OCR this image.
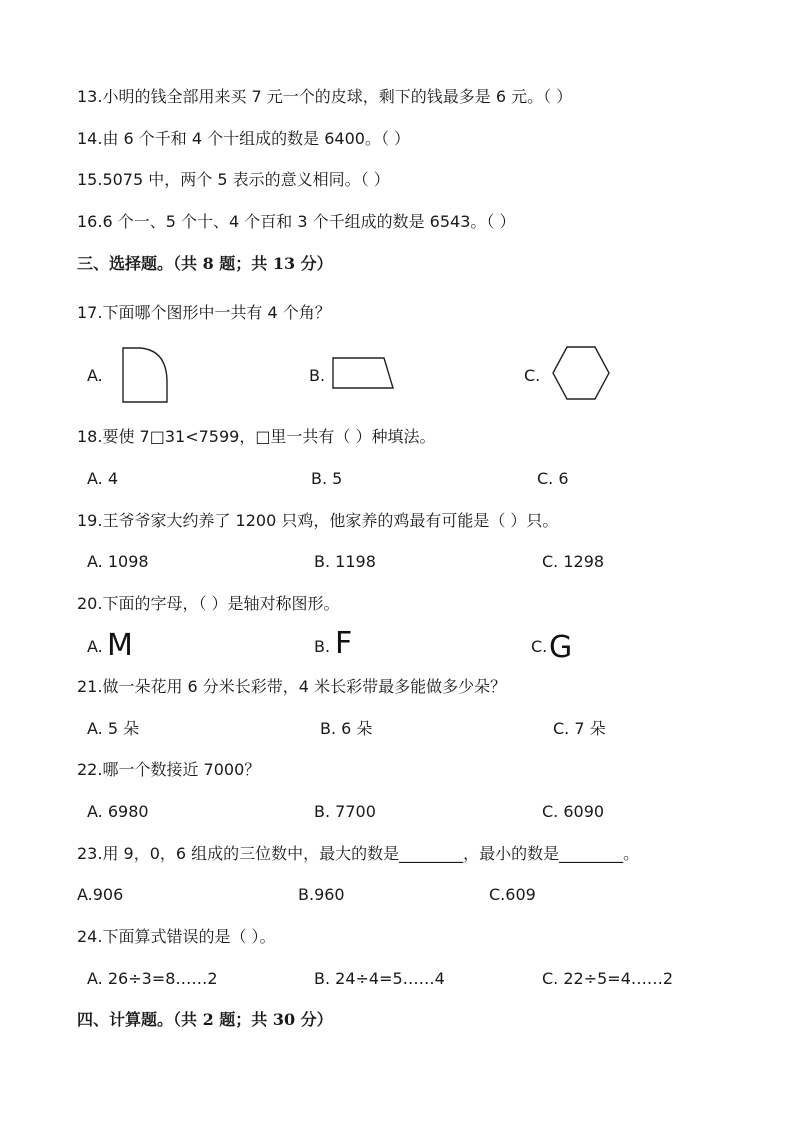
13.小明的钱全部用来买 7 元一个的皮球，剩下的钱最多是 6 元。（ ）
14.由 6 个千和 4 个十组成的数是 6400。（ ）
15.5075 中，两个 5 表示的意义相同。（ ）
16.6 个一、5 个十、4 个百和 3 个千组成的数是 6543。（ ）
三、选择题。（共 8 题；共 13 分）
17.下面哪个图形中一共有 4 个角？
A.	B.	C.
18.要使 7□31<7599，□里一共有（ ）种填法。
A. 4	B. 5	C. 6
19.王爷爷家大约养了 1200 只鸡，他家养的鸡最有可能是（ ）只。
A. 1098	B. 1198	C. 1298
20.下面的字母，（ ）是轴对称图形。
A. M	B. F	C. G
21.做一朵花用 6 分米长彩带，4 米长彩带最多能做多少朵？
A. 5 朵	B. 6 朵	C. 7 朵
22.哪一个数接近 7000？
A. 6980	B. 7700	C. 6090
23.用 9，0，6 组成的三位数中，最大的数是________，最小的数是________。
A.906	B.960	C.609
24.下面算式错误的是（ ）。
A. 26÷3=8……2	B. 24÷4=5……4	C. 22÷5=4……2
四、计算题。（共 2 题；共 30 分）
